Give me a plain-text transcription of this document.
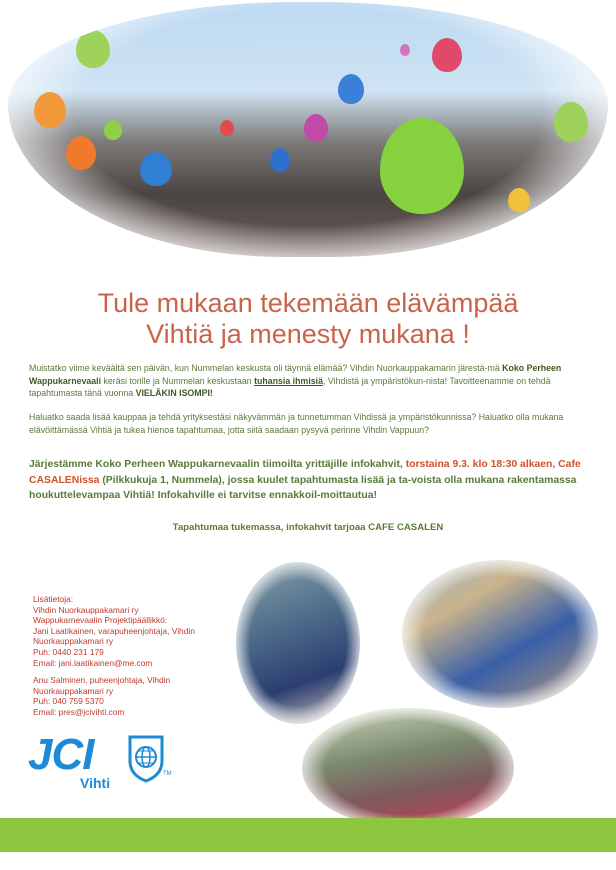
Tule mukaan tekemään elävämpää

Vihtiä ja menesty mukana !

Muistatko viime keväältä sen päivän, kun Nummelan keskusta oli täynnä elämää? Vihdin Nuorkauppakamarin järestä-mä Koko Perheen Wappukarnevaali keräsi torille ja Nummelan keskustaan tuhansia ihmisiä, Vihdistä ja ympäristökun-nista! Tavoitteenamme on tehdä tapahtumasta tänä vuonna VIELÄKIN ISOMPI!

Haluatko saada lisää kauppaa ja tehdä yrityksestäsi näkyvämmän ja tunnetumman Vihdissä ja ympäristökunnissa? Haluatko olla mukana elävöittämässä Vihtiä ja tukea hienoa tapahtumaa, jotta siitä saadaan pysyvä perinne Vihdin Vappuun?

Järjestämme Koko Perheen Wappukarnevaalin tiimoilta yrittäjille infokahvit, torstaina 9.3. klo 18:30 alkaen, Cafe CASALENissa (Pilkkukuja 1, Nummela), jossa kuulet tapahtumasta lisää ja ta-voista olla mukana rakentamassa houkuttelevampaa Vihtiä! Infokahville ei tarvitse ennakkoil-moittautua!

Tapahtumaa tukemassa, infokahvit tarjoaa CAFE CASALEN

Lisätietoja:
Vihdin Nuorkauppakamari ry
Wappukarnevaalin Projektipäällikkö:
Jani Laatikainen, varapuheenjohtaja, Vihdin
Nuorkauppakamari ry
Puh: 0440 231 179
Email: jani.laatikainen@me.com
Anu Salminen, puheenjohtaja, Vihdin
Nuorkauppakamari ry
Puh: 040 759 5370
Email: pres@jcivihti.com
JCI	TM
Vihti
